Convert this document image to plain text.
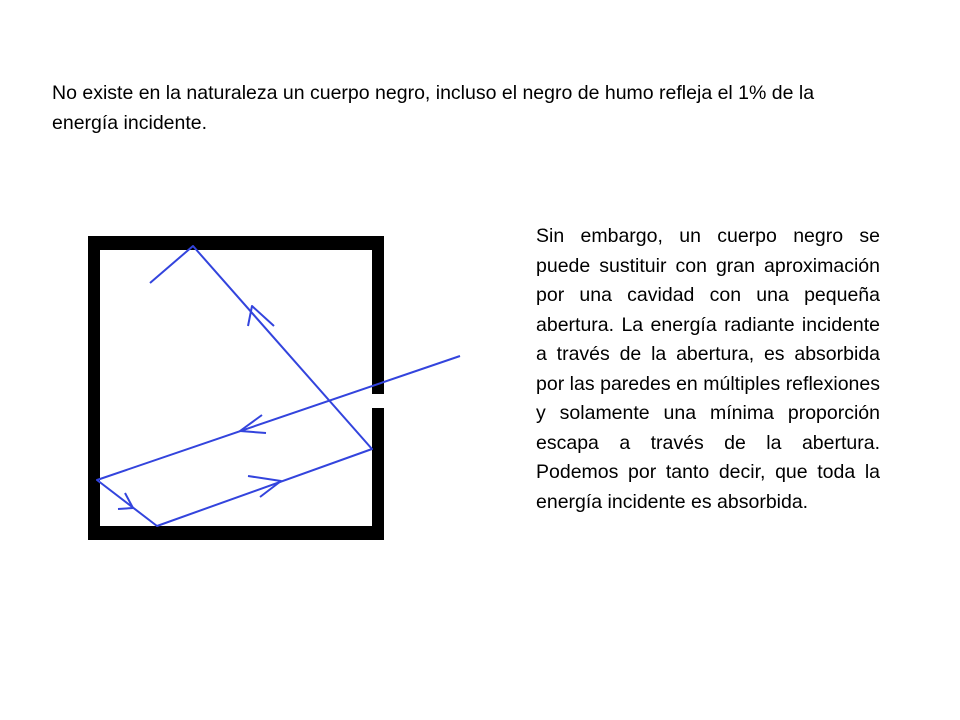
No existe en la naturaleza un cuerpo negro, incluso el negro de humo refleja el 1% de la energía incidente.

Sin embargo, un cuerpo negro se puede sustituir con gran aproximación por una cavidad con una pequeña abertura. La energía radiante incidente a través de la abertura, es absorbida por las paredes en múltiples reflexiones y solamente una mínima proporción escapa a través de la abertura. Podemos por tanto decir, que toda la energía incidente es absorbida.
